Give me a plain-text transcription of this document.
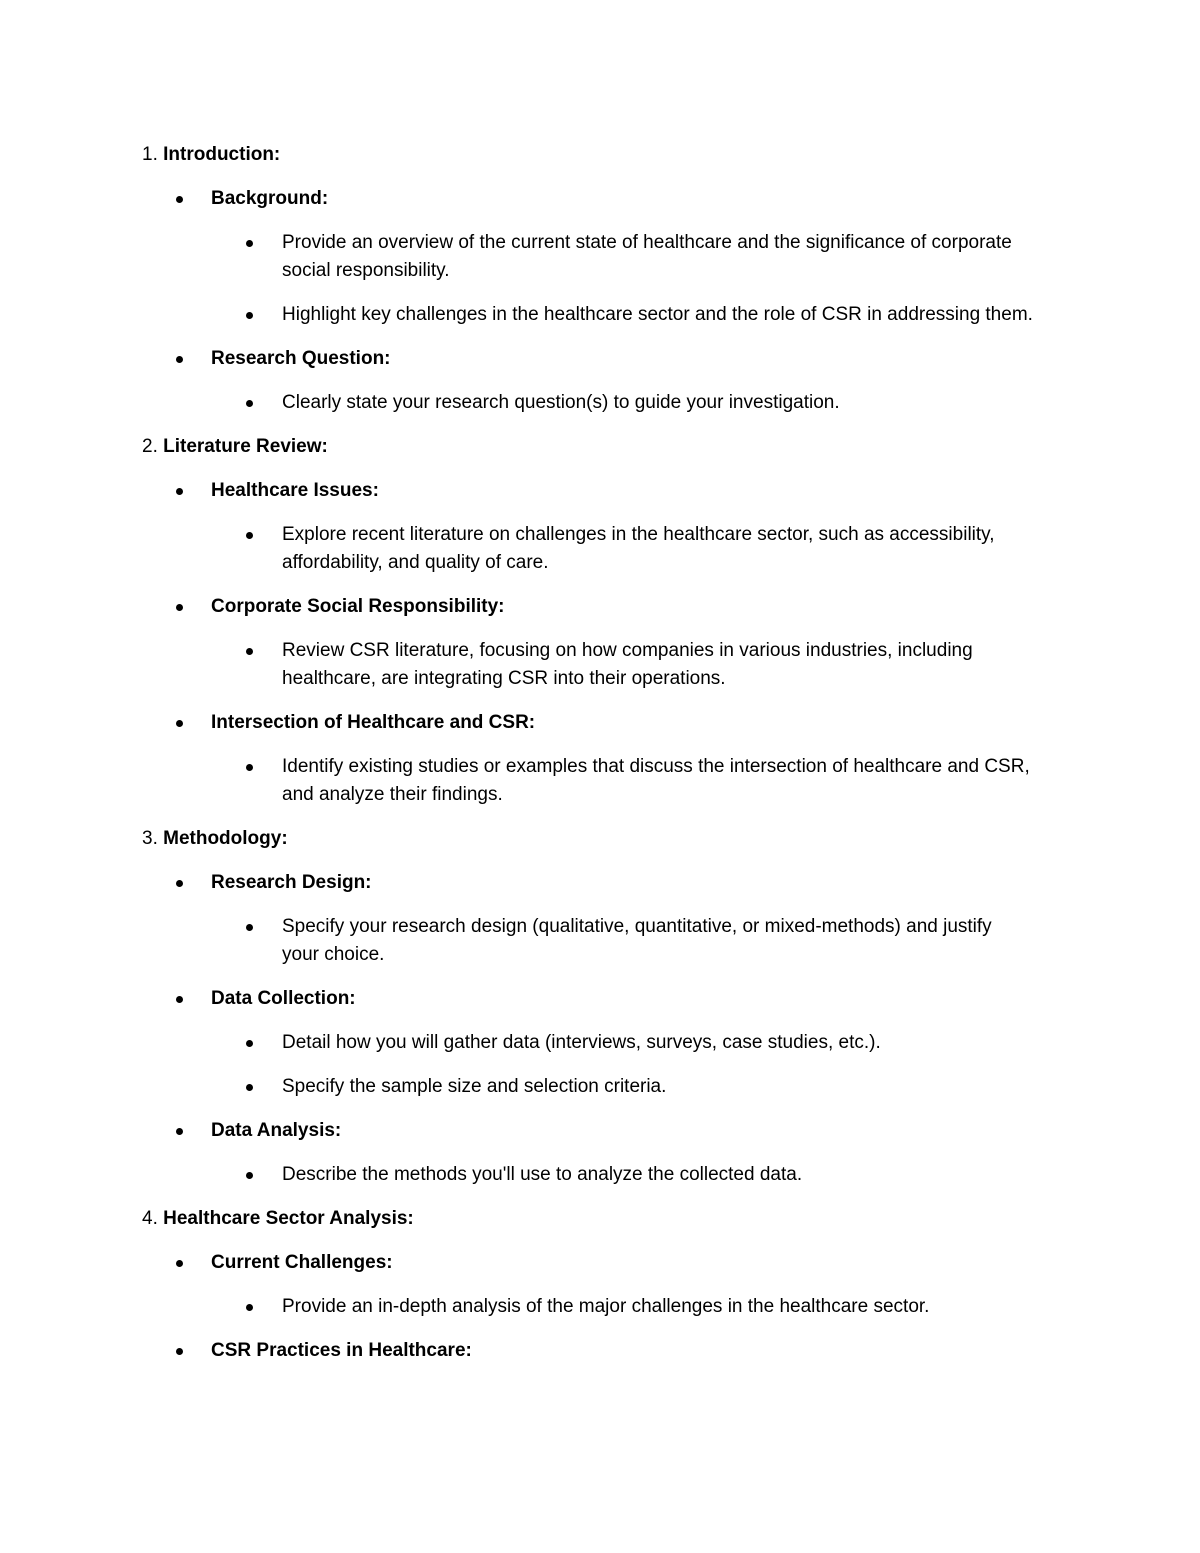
1. Introduction:
Background:
Provide an overview of the current state of healthcare and the significance of corporate
social responsibility.
Highlight key challenges in the healthcare sector and the role of CSR in addressing them.
Research Question:
Clearly state your research question(s) to guide your investigation.
2. Literature Review:
Healthcare Issues:
Explore recent literature on challenges in the healthcare sector, such as accessibility,
affordability, and quality of care.
Corporate Social Responsibility:
Review CSR literature, focusing on how companies in various industries, including
healthcare, are integrating CSR into their operations.
Intersection of Healthcare and CSR:
Identify existing studies or examples that discuss the intersection of healthcare and CSR,
and analyze their findings.
3. Methodology:
Research Design:
Specify your research design (qualitative, quantitative, or mixed-methods) and justify
your choice.
Data Collection:
Detail how you will gather data (interviews, surveys, case studies, etc.).
Specify the sample size and selection criteria.
Data Analysis:
Describe the methods you'll use to analyze the collected data.
4. Healthcare Sector Analysis:
Current Challenges:
Provide an in-depth analysis of the major challenges in the healthcare sector.
CSR Practices in Healthcare:
